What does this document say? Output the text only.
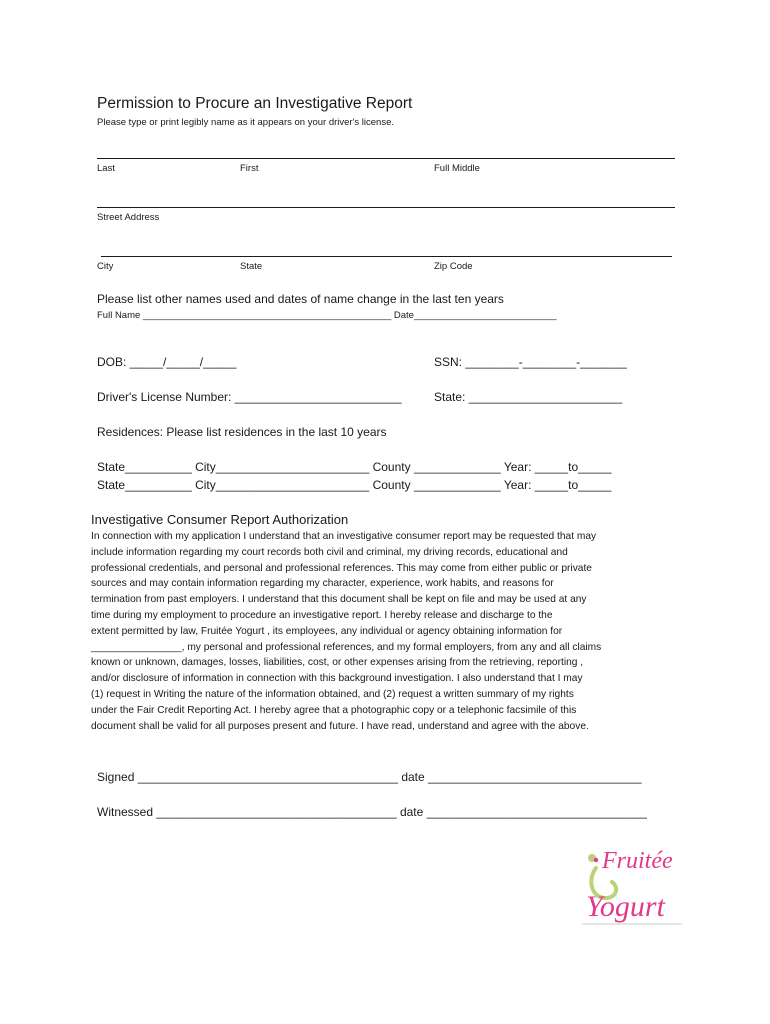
Permission to Procure an Investigative Report
Please type or print legibly name as it appears on your driver's license.
Last	First	Full Middle
Street Address
City	State	Zip Code
Please list other names used and dates of name change in the last ten years
Full Name _______________________________________________ Date___________________________
DOB: _____/_____/_____	SSN: ________-________-_______
Driver's License Number: _________________________	State: _______________________
Residences: Please list residences in the last 10 years
State__________ City_______________________ County _____________ Year: _____to_____
State__________ City_______________________ County _____________ Year: _____to_____
Investigative Consumer Report Authorization
In connection with my application I understand that an investigative consumer report may be requested that may
include information regarding my court records both civil and criminal, my driving records, educational and
professional credentials, and personal and professional references. This may come from either public or private
sources and may contain information regarding my character, experience, work habits, and reasons for
termination from past employers. I understand that this document shall be kept on file and may be used at any
time during my employment to procedure an investigative report. I hereby release and discharge to the
extent permitted by law, Fruitée Yogurt , its employees, any individual or agency obtaining information for
________________, my personal and professional references, and my formal employers, from any and all claims
known or unknown, damages, losses, liabilities, cost, or other expenses arising from the retrieving, reporting ,
and/or disclosure of information in connection with this background investigation. I also understand that I may
(1) request in Writing the nature of the information obtained, and (2) request a written summary of my rights
under the Fair Credit Reporting Act. I hereby agree that a photographic copy or a telephonic facsimile of this
document shall be valid for all purposes present and future. I have read, understand and agree with the above.
Signed _______________________________________ date ________________________________
Witnessed ____________________________________ date _________________________________
Fruitée
Yogurt
